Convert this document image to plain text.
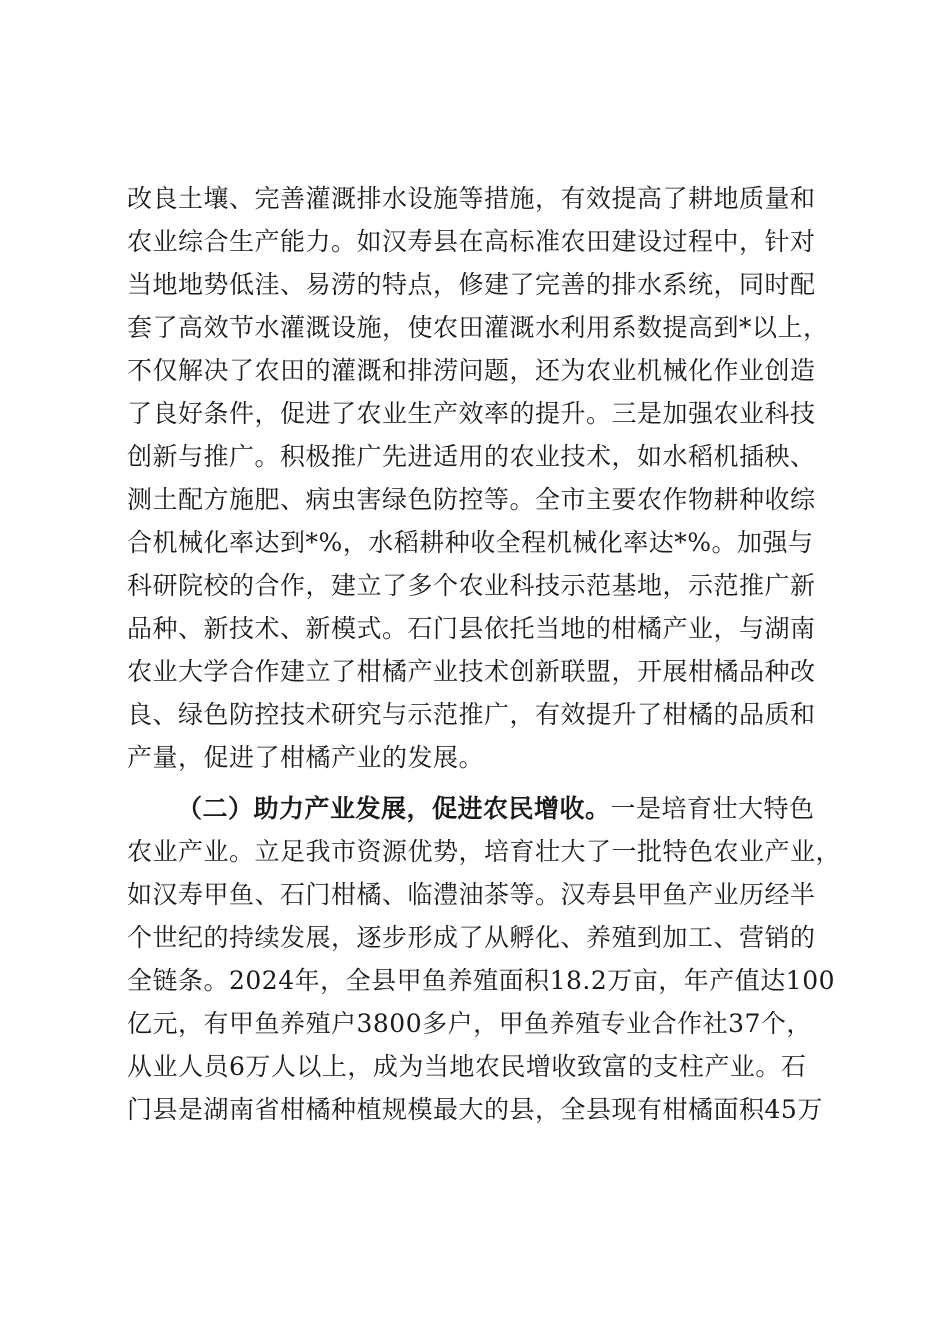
改良土壤、完善灌溉排水设施等措施，有效提高了耕地质量和
农业综合生产能力。如汉寿县在高标准农田建设过程中，针对
当地地势低洼、易涝的特点，修建了完善的排水系统，同时配
套了高效节水灌溉设施，使农田灌溉水利用系数提高到*以上，
不仅解决了农田的灌溉和排涝问题，还为农业机械化作业创造
了良好条件，促进了农业生产效率的提升。三是加强农业科技
创新与推广。积极推广先进适用的农业技术，如水稻机插秧、
测土配方施肥、病虫害绿色防控等。全市主要农作物耕种收综
合机械化率达到*%，水稻耕种收全程机械化率达*%。加强与
科研院校的合作，建立了多个农业科技示范基地，示范推广新
品种、新技术、新模式。石门县依托当地的柑橘产业，与湖南
农业大学合作建立了柑橘产业技术创新联盟，开展柑橘品种改
良、绿色防控技术研究与示范推广，有效提升了柑橘的品质和
产量，促进了柑橘产业的发展。
（二）助力产业发展，促进农民增收。一是培育壮大特色
农业产业。立足我市资源优势，培育壮大了一批特色农业产业，
如汉寿甲鱼、石门柑橘、临澧油茶等。汉寿县甲鱼产业历经半
个世纪的持续发展，逐步形成了从孵化、养殖到加工、营销的
全链条。2024年，全县甲鱼养殖面积18.2万亩，年产值达100
亿元，有甲鱼养殖户3800多户，甲鱼养殖专业合作社37个，
从业人员6万人以上，成为当地农民增收致富的支柱产业。石
门县是湖南省柑橘种植规模最大的县，全县现有柑橘面积45万
